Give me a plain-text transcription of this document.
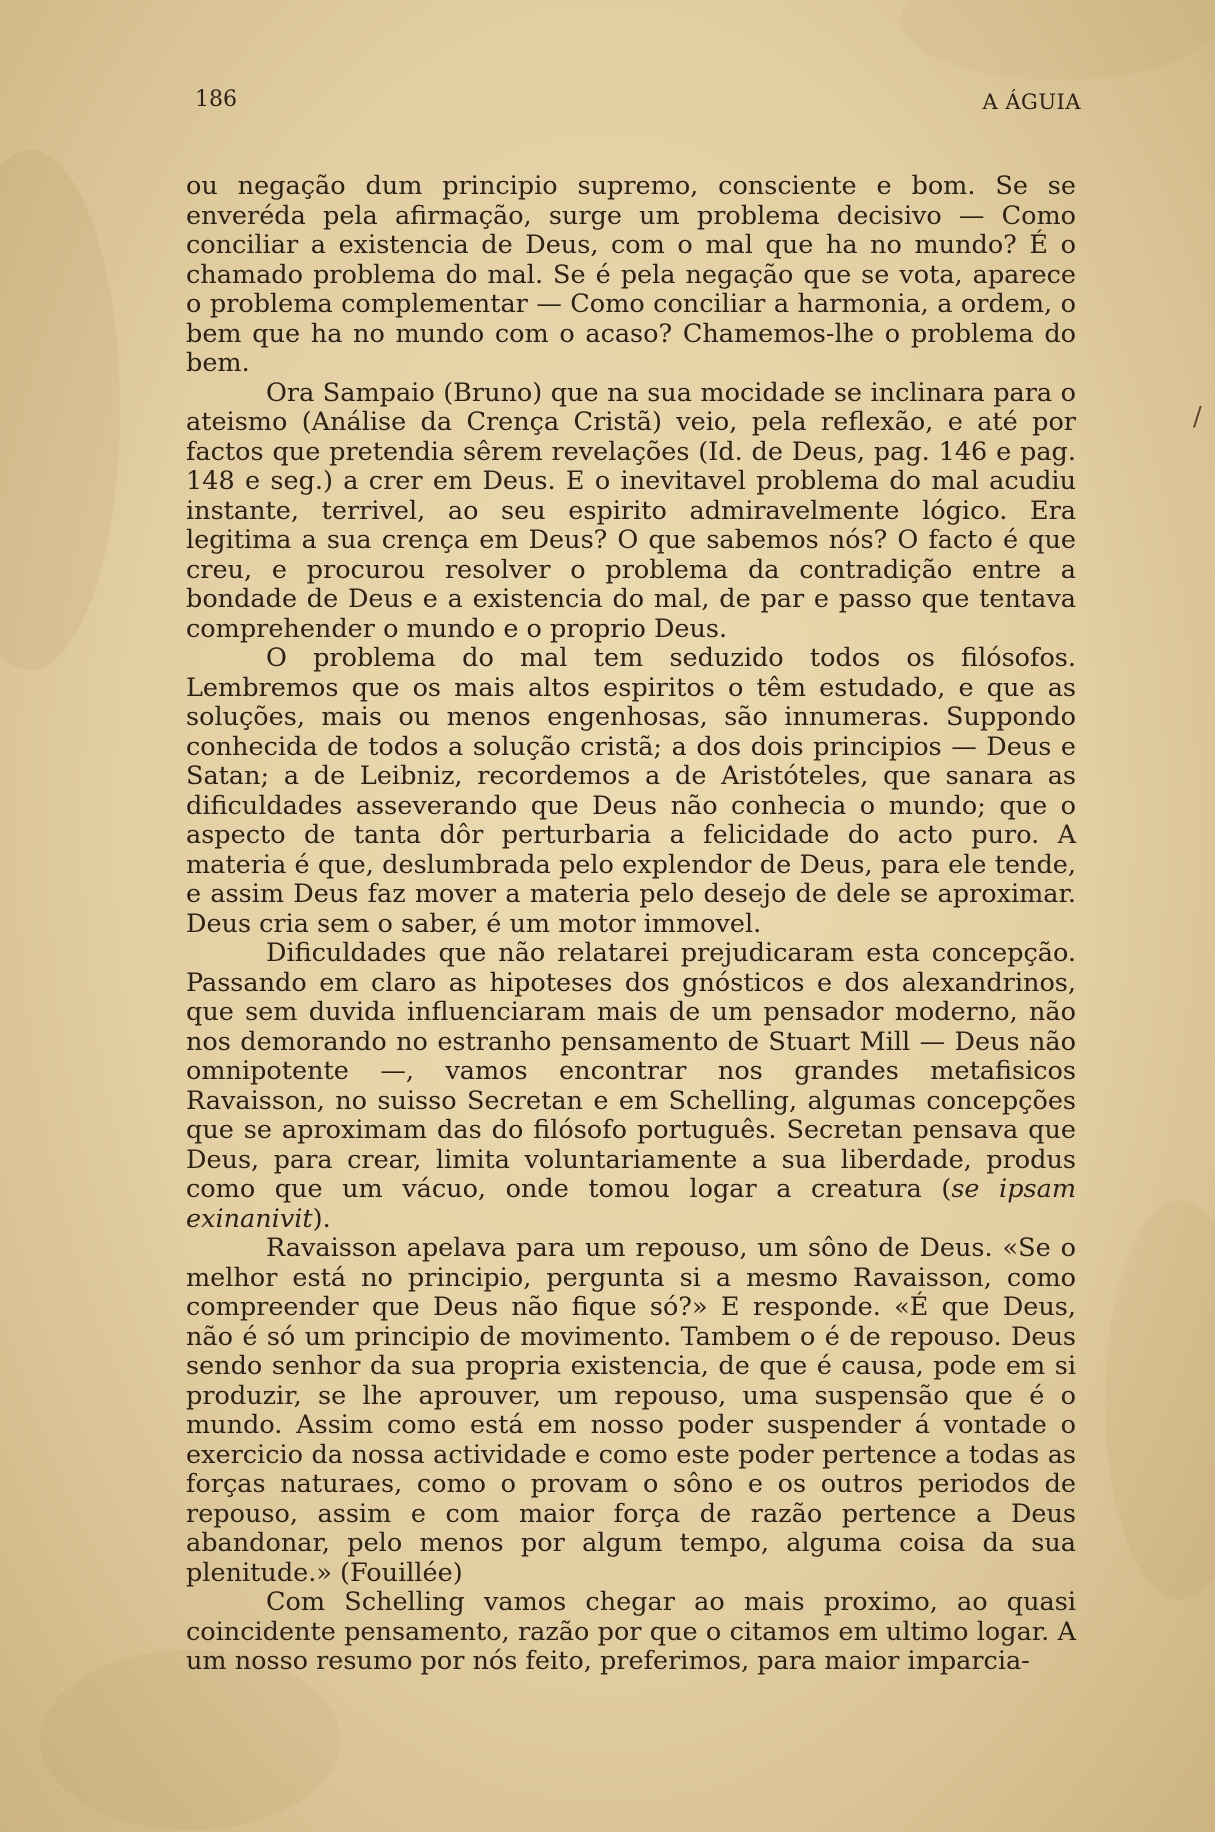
/
186	A ÁGUIA

ou negação dum principio supremo, consciente e bom. Se se enveréda pela afirmação, surge um problema decisivo — Como conciliar a existencia de Deus, com o mal que ha no mundo? É o chamado problema do mal. Se é pela negação que se vota, aparece o problema complementar — Como conciliar a harmonia, a ordem, o bem que ha no mundo com o acaso? Chamemos-lhe o problema do bem.

Ora Sampaio (Bruno) que na sua mocidade se inclinara para o ateismo (Análise da Crença Cristã) veio, pela reflexão, e até por factos que pretendia sêrem revelações (Id. de Deus, pag. 146 e pag. 148 e seg.) a crer em Deus. E o inevitavel problema do mal acudiu instante, terrivel, ao seu espirito admiravelmente lógico. Era legitima a sua crença em Deus? O que sabemos nós? O facto é que creu, e procurou resolver o problema da contradição entre a bondade de Deus e a existencia do mal, de par e passo que tentava comprehender o mundo e o proprio Deus.

O problema do mal tem seduzido todos os filósofos. Lembremos que os mais altos espiritos o têm estudado, e que as soluções, mais ou menos engenhosas, são innumeras. Suppondo conhecida de todos a solução cristã; a dos dois principios — Deus e Satan; a de Leibniz, recordemos a de Aristóteles, que sanara as dificuldades asseverando que Deus não conhecia o mundo; que o aspecto de tanta dôr perturbaria a felicidade do acto puro. A materia é que, deslumbrada pelo explendor de Deus, para ele tende, e assim Deus faz mover a materia pelo desejo de dele se aproximar. Deus cria sem o saber, é um motor immovel.

Dificuldades que não relatarei prejudicaram esta concepção. Passando em claro as hipoteses dos gnósticos e dos alexandrinos, que sem duvida influenciaram mais de um pensador moderno, não nos demorando no estranho pensamento de Stuart Mill — Deus não omnipotente —, vamos encontrar nos grandes metafisicos Ravaisson, no suisso Secretan e em Schelling, algumas concepções que se aproximam das do filósofo português. Secretan pensava que Deus, para crear, limita voluntariamente a sua liberdade, produs como que um vácuo, onde tomou logar a creatura (se ipsam exinanivit).

Ravaisson apelava para um repouso, um sôno de Deus. «Se o melhor está no principio, pergunta si a mesmo Ravaisson, como compreender que Deus não fique só?» E responde. «É que Deus, não é só um principio de movimento. Tambem o é de repouso. Deus sendo senhor da sua propria existencia, de que é causa, pode em si produzir, se lhe aprouver, um repouso, uma suspensão que é o mundo. Assim como está em nosso poder suspender á vontade o exercicio da nossa actividade e como este poder pertence a todas as forças naturaes, como o provam o sôno e os outros periodos de repouso, assim e com maior força de razão pertence a Deus abandonar, pelo menos por algum tempo, alguma coisa da sua plenitude.» (Fouillée)

Com Schelling vamos chegar ao mais proximo, ao quasi coincidente pensamento, razão por que o citamos em ultimo logar. A um nosso resumo por nós feito, preferimos, para maior imparcia-
